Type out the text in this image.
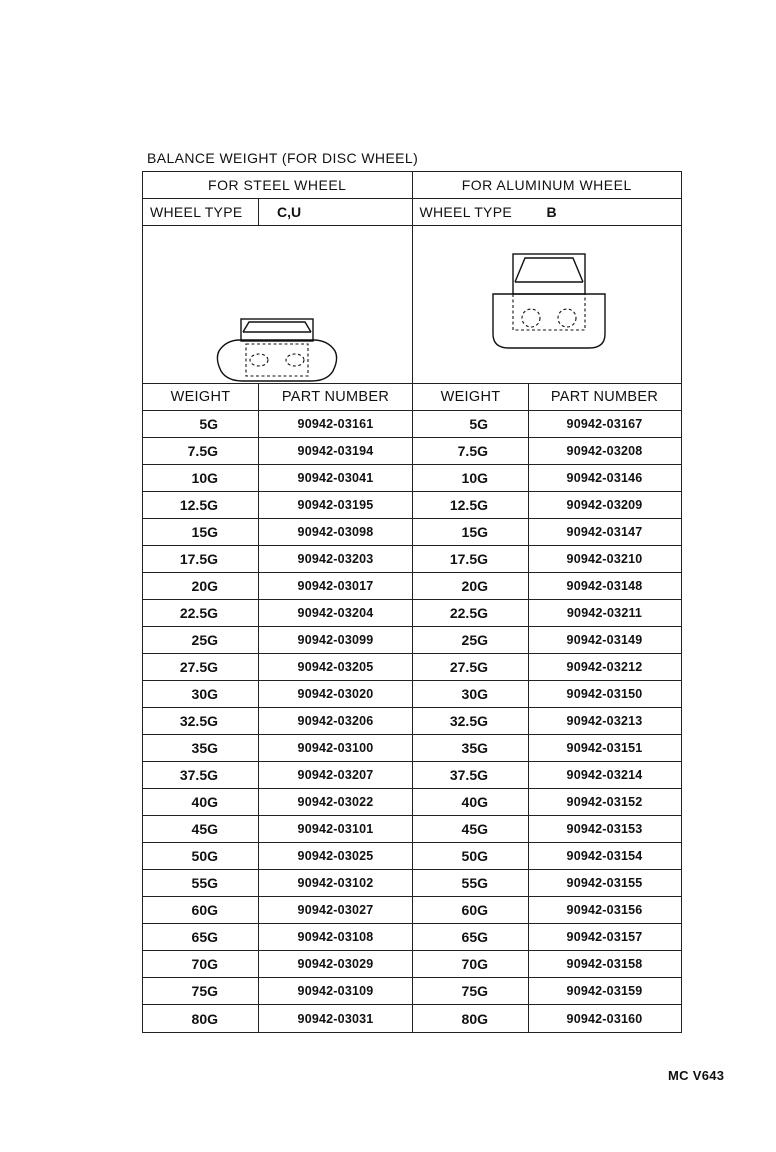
BALANCE WEIGHT (FOR DISC WHEEL)
FOR STEEL WHEEL	FOR ALUMINUM WHEEL
WHEEL TYPE	C,U	WHEEL TYPE	B
WEIGHT	PART NUMBER	WEIGHT	PART NUMBER
5G	90942-03161	5G	90942-03167
7.5G	90942-03194	7.5G	90942-03208
10G	90942-03041	10G	90942-03146
12.5G	90942-03195	12.5G	90942-03209
15G	90942-03098	15G	90942-03147
17.5G	90942-03203	17.5G	90942-03210
20G	90942-03017	20G	90942-03148
22.5G	90942-03204	22.5G	90942-03211
25G	90942-03099	25G	90942-03149
27.5G	90942-03205	27.5G	90942-03212
30G	90942-03020	30G	90942-03150
32.5G	90942-03206	32.5G	90942-03213
35G	90942-03100	35G	90942-03151
37.5G	90942-03207	37.5G	90942-03214
40G	90942-03022	40G	90942-03152
45G	90942-03101	45G	90942-03153
50G	90942-03025	50G	90942-03154
55G	90942-03102	55G	90942-03155
60G	90942-03027	60G	90942-03156
65G	90942-03108	65G	90942-03157
70G	90942-03029	70G	90942-03158
75G	90942-03109	75G	90942-03159
80G	90942-03031	80G	90942-03160
MC V643
